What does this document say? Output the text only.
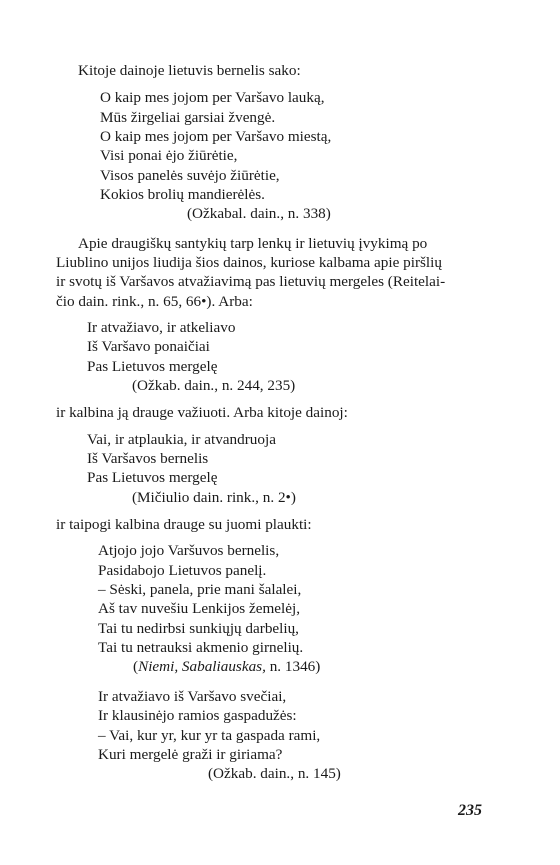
Kitoje dainoje lietuvis bernelis sako:
O kaip mes jojom per Varšavo lauką,
Mūs žirgeliai garsiai žvengė.
O kaip mes jojom per Varšavo miestą,
Visi ponai ėjo žiūrėtie,
Visos panelės suvėjo žiūrėtie,
Kokios brolių mandierėlės.
(Ožkabal. dain., n. 338)
Apie draugiškų santykių tarp lenkų ir lietuvių įvykimą po
Liublino unijos liudija šios dainos, kuriose kalbama apie piršlių
ir svotų iš Varšavos atvažiavimą pas lietuvių mergeles (Reitelai-
čio dain. rink., n. 65, 66•). Arba:
Ir atvažiavo, ir atkeliavo
Iš Varšavo ponaičiai
Pas Lietuvos mergelę
(Ožkab. dain., n. 244, 235)
ir kalbina ją drauge važiuoti. Arba kitoje dainoj:
Vai, ir atplaukia, ir atvandruoja
Iš Varšavos bernelis
Pas Lietuvos mergelę
(Mičiulio dain. rink., n. 2•)
ir taipogi kalbina drauge su juomi plaukti:
Atjojo jojo Varšuvos bernelis,
Pasidabojo Lietuvos panelį.
– Sėski, panela, prie mani šalalei,
Aš tav nuvešiu Lenkijos žemelėj,
Tai tu nedirbsi sunkiųjų darbelių,
Tai tu netrauksi akmenio girnelių.
(Niemi, Sabaliauskas, n. 1346)
Ir atvažiavo iš Varšavo svečiai,
Ir klausinėjo ramios gaspadužės:
– Vai, kur yr, kur yr ta gaspada rami,
Kuri mergelė graži ir giriama?
(Ožkab. dain., n. 145)
235
